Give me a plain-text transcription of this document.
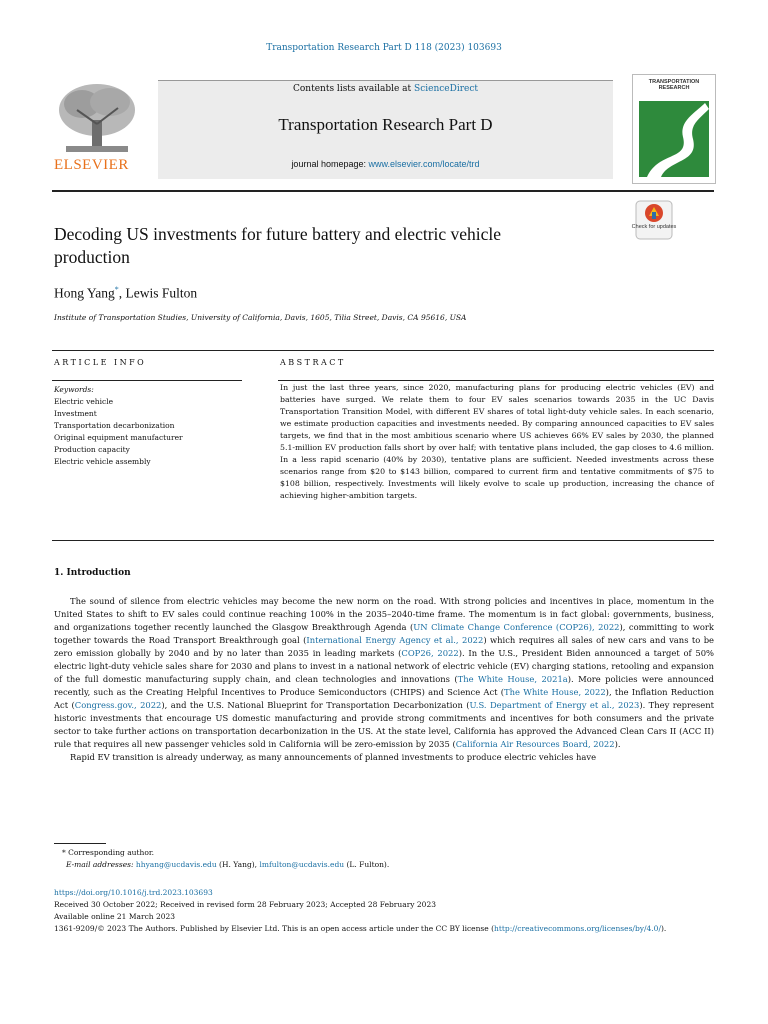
Transportation Research Part D 118 (2023) 103693
ELSEVIER
Contents lists available at ScienceDirect
Transportation Research Part D
journal homepage: www.elsevier.com/locate/trd
TRANSPORTATION RESEARCH
Check for updates
Decoding US investments for future battery and electric vehicle production
Hong Yang*, Lewis Fulton
Institute of Transportation Studies, University of California, Davis, 1605, Tilia Street, Davis, CA 95616, USA
ARTICLE INFO	ABSTRACT
Keywords:
Electric vehicle
Investment
Transportation decarbonization
Original equipment manufacturer
Production capacity
Electric vehicle assembly
In just the last three years, since 2020, manufacturing plans for producing electric vehicles (EV) and batteries have surged. We relate them to four EV sales scenarios towards 2035 in the UC Davis Transportation Transition Model, with different EV shares of total light-duty vehicle sales. In each scenario, we estimate production capacities and investments needed. By comparing announced capacities to EV sales targets, we find that in the most ambitious scenario where US achieves 66% EV sales by 2030, the planned 5.1-million EV production falls short by over half; with tentative plans included, the gap closes to 4.6 million. In a less rapid scenario (40% by 2030), tentative plans are sufficient. Needed investments across these scenarios range from $20 to $143 billion, compared to current firm and tentative commitments of $75 to $108 billion, respectively. Investments will likely evolve to scale up production, increasing the chance of achieving higher-ambition targets.
1. Introduction

The sound of silence from electric vehicles may become the new norm on the road. With strong policies and incentives in place, momentum in the United States to shift to EV sales could continue reaching 100% in the 2035–2040-time frame. The momentum is in fact global: governments, business, and organizations together recently launched the Glasgow Breakthrough Agenda (UN Climate Change Conference (COP26), 2022), committing to work together towards the Road Transport Breakthrough goal (International Energy Agency et al., 2022) which requires all sales of new cars and vans to be zero emission globally by 2040 and by no later than 2035 in leading markets (COP26, 2022). In the U.S., President Biden announced a target of 50% electric light-duty vehicle sales share for 2030 and plans to invest in a national network of electric vehicle (EV) charging stations, retooling and expansion of the full domestic manufacturing supply chain, and clean technologies and innovations (The White House, 2021a). More policies were announced recently, such as the Creating Helpful Incentives to Produce Semiconductors (CHIPS) and Science Act (The White House, 2022), the Inflation Reduction Act (Congress.gov., 2022), and the U.S. National Blueprint for Transportation Decarbonization (U.S. Department of Energy et al., 2023). They represent historic investments that encourage US domestic manufacturing and provide strong commitments and incentives for both consumers and the private sector to take further actions on transportation decarbonization in the US. At the state level, California has approved the Advanced Clean Cars II (ACC II) rule that requires all new passenger vehicles sold in California will be zero-emission by 2035 (California Air Resources Board, 2022).

Rapid EV transition is already underway, as many announcements of planned investments to produce electric vehicles have

* Corresponding author.
E-mail addresses: hhyang@ucdavis.edu (H. Yang), lmfulton@ucdavis.edu (L. Fulton).
https://doi.org/10.1016/j.trd.2023.103693
Received 30 October 2022; Received in revised form 28 February 2023; Accepted 28 February 2023
Available online 21 March 2023
1361-9209/© 2023 The Authors. Published by Elsevier Ltd. This is an open access article under the CC BY license (http://creativecommons.org/licenses/by/4.0/).
